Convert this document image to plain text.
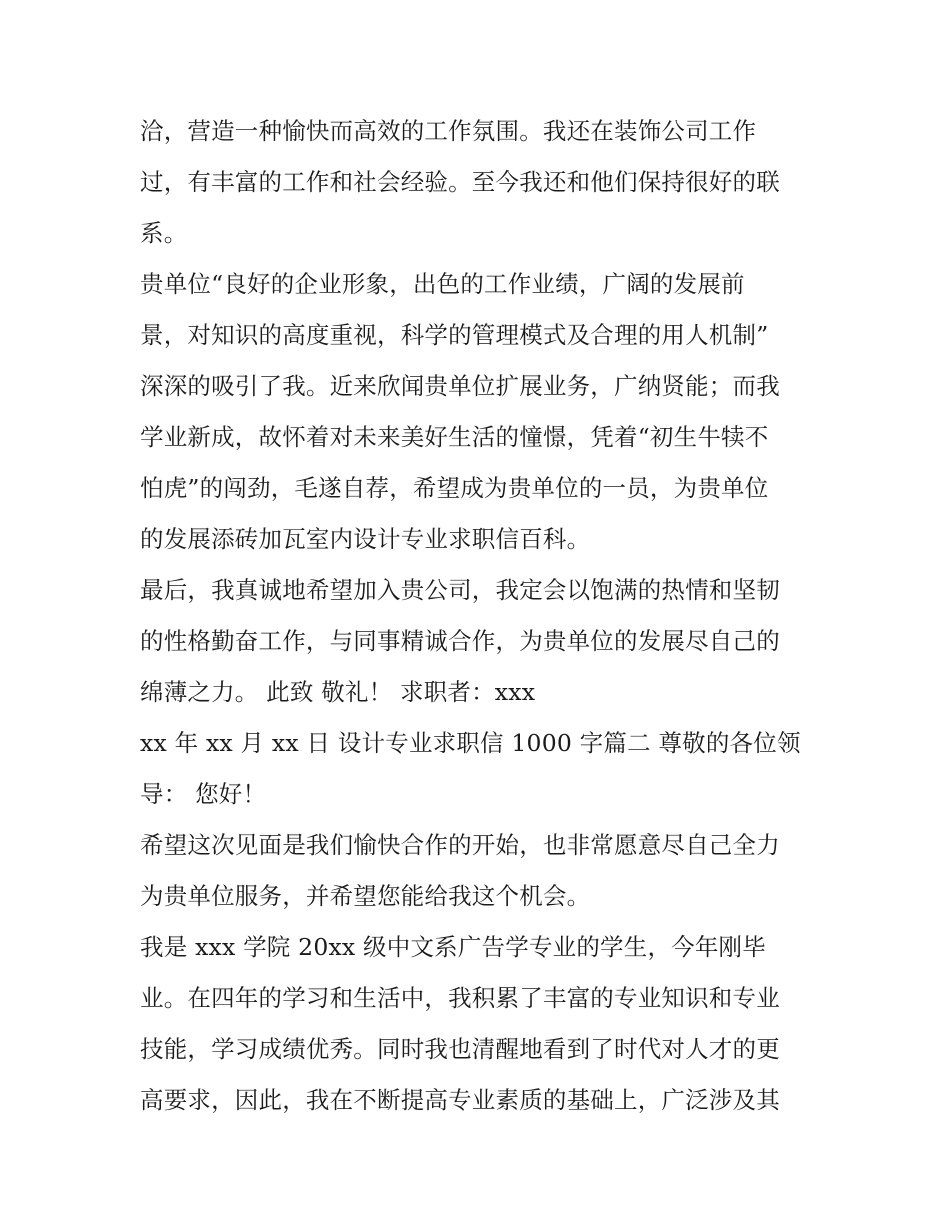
洽，营造一种愉快而高效的工作氛围。我还在装饰公司工作
过，有丰富的工作和社会经验。至今我还和他们保持很好的联
系。
贵单位“良好的企业形象，出色的工作业绩，广阔的发展前
景，对知识的高度重视，科学的管理模式及合理的用人机制”
深深的吸引了我。近来欣闻贵单位扩展业务，广纳贤能；而我
学业新成，故怀着对未来美好生活的憧憬，凭着“初生牛犊不
怕虎”的闯劲，毛遂自荐，希望成为贵单位的一员，为贵单位
的发展添砖加瓦室内设计专业求职信百科。
最后，我真诚地希望加入贵公司，我定会以饱满的热情和坚韧
的性格勤奋工作，与同事精诚合作，为贵单位的发展尽自己的
绵薄之力。 此致 敬礼！ 求职者：xxx
xx 年 xx 月 xx 日 设计专业求职信 1000 字篇二 尊敬的各位领
导： 您好！
希望这次见面是我们愉快合作的开始，也非常愿意尽自己全力
为贵单位服务，并希望您能给我这个机会。
我是 xxx 学院 20xx 级中文系广告学专业的学生，今年刚毕
业。在四年的学习和生活中，我积累了丰富的专业知识和专业
技能，学习成绩优秀。同时我也清醒地看到了时代对人才的更
高要求，因此，我在不断提高专业素质的基础上，广泛涉及其
